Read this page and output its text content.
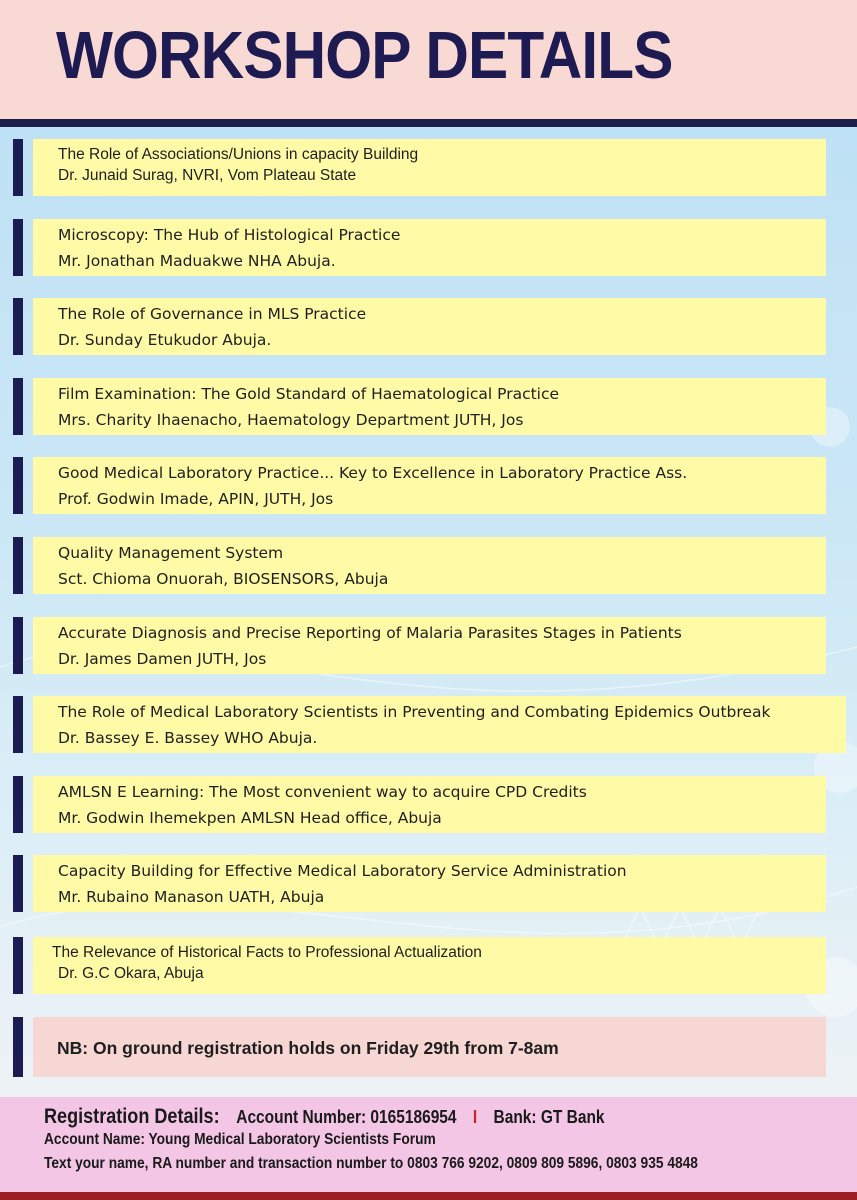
WORKSHOP DETAILS
The Role of Associations/Unions in capacity Building
Dr. Junaid Surag, NVRI, Vom Plateau State
Microscopy: The Hub of Histological Practice
Mr. Jonathan Maduakwe NHA Abuja.
The Role of Governance in MLS Practice
Dr. Sunday Etukudor Abuja.
Film Examination: The Gold Standard of Haematological Practice
Mrs. Charity Ihaenacho, Haematology Department JUTH, Jos
Good Medical Laboratory Practice... Key to Excellence in Laboratory Practice Ass.
Prof. Godwin Imade, APIN, JUTH, Jos
Quality Management System
Sct. Chioma Onuorah, BIOSENSORS, Abuja
Accurate Diagnosis and Precise Reporting of Malaria Parasites Stages in Patients
Dr. James Damen JUTH, Jos
The Role of Medical Laboratory Scientists in Preventing and Combating Epidemics Outbreak
Dr. Bassey E. Bassey WHO Abuja.
AMLSN E Learning: The Most convenient way to acquire CPD Credits
Mr. Godwin Ihemekpen AMLSN Head office, Abuja
Capacity Building for Effective Medical Laboratory Service Administration
Mr. Rubaino Manason UATH, Abuja
The Relevance of Historical Facts to Professional Actualization
Dr. G.C Okara, Abuja
NB: On ground registration holds on Friday 29th from 7-8am
Registration Details: Account Number: 0165186954 I Bank: GT Bank
Account Name: Young Medical Laboratory Scientists Forum
Text your name, RA number and transaction number to 0803 766 9202, 0809 809 5896, 0803 935 4848
